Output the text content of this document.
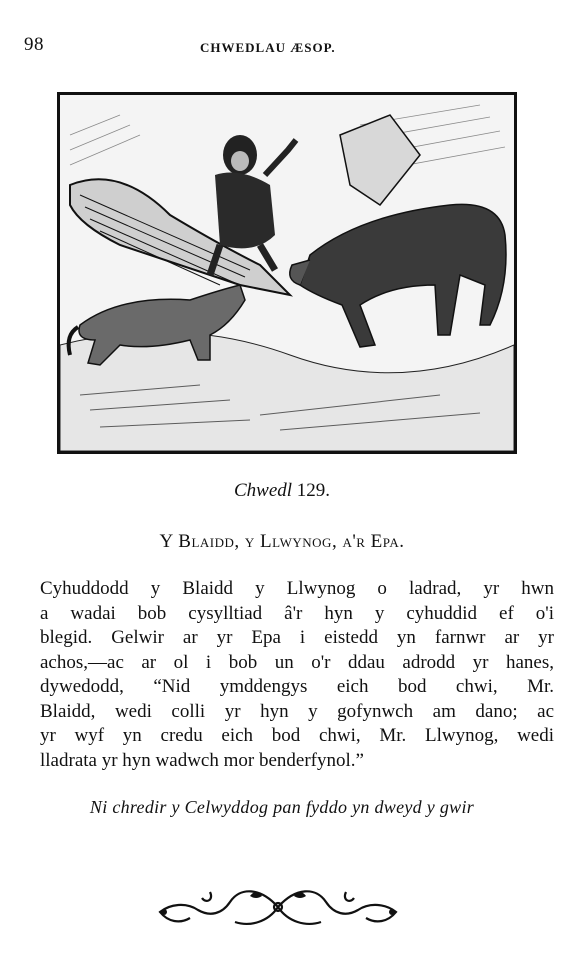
98	CHWEDLAU ÆSOP.
Chwedl 129.
Y Blaidd, y Llwynog, a'r Epa.
Cyhuddodd y Blaidd y Llwynog o ladrad, yr hwn
a wadai bob cysylltiad â'r hyn y cyhuddid ef o'i
blegid. Gelwir ar yr Epa i eistedd yn farnwr ar yr
achos,—ac ar ol i bob un o'r ddau adrodd yr hanes,
dywedodd, “Nid ymddengys eich bod chwi, Mr.
Blaidd, wedi colli yr hyn y gofynwch am dano; ac
yr wyf yn credu eich bod chwi, Mr. Llwynog, wedi
lladrata yr hyn wadwch mor benderfynol.”
Ni chredir y Celwyddog pan fyddo yn dweyd y gwir
